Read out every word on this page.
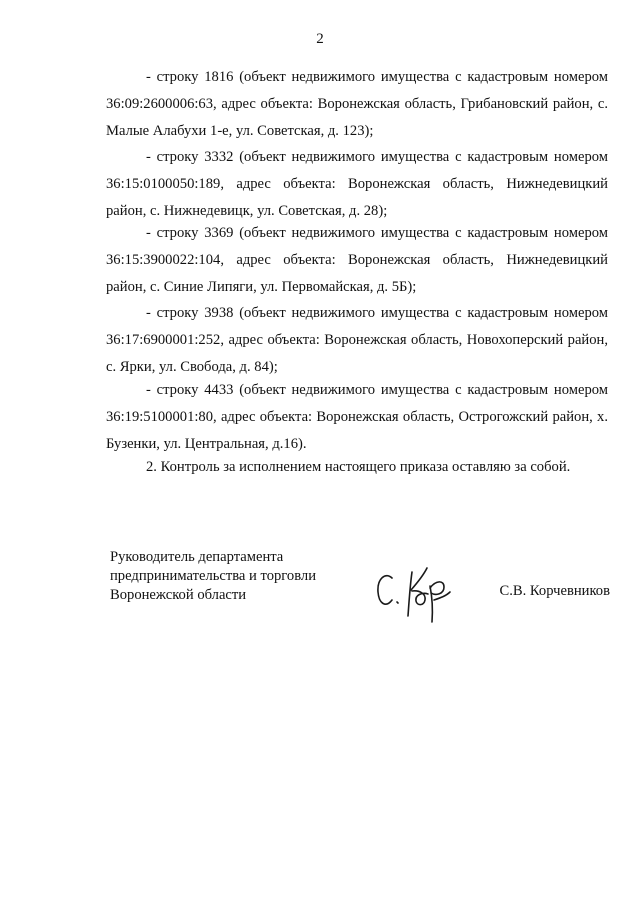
2

- строку 1816 (объект недвижимого имущества с кадастровым номером 36:09:2600006:63, адрес объекта: Воронежская область, Грибановский район, с. Малые Алабухи 1-е, ул. Советская, д. 123);

- строку 3332 (объект недвижимого имущества с кадастровым номером 36:15:0100050:189, адрес объекта: Воронежская область, Нижнедевицкий район, с. Нижнедевицк, ул. Советская, д. 28);

- строку 3369 (объект недвижимого имущества с кадастровым номером 36:15:3900022:104, адрес объекта: Воронежская область, Нижнедевицкий район, с. Синие Липяги, ул. Первомайская, д. 5Б);

- строку 3938 (объект недвижимого имущества с кадастровым номером 36:17:6900001:252, адрес объекта: Воронежская область, Новохоперский район, с. Ярки, ул. Свобода, д. 84);

- строку 4433 (объект недвижимого имущества с кадастровым номером 36:19:5100001:80, адрес объекта: Воронежская область, Острогожский район, х. Бузенки, ул. Центральная, д.16).

2. Контроль за исполнением настоящего приказа оставляю за собой.

Руководитель департамента
предпринимательства и торговли
Воронежской области	С.В. Корчевников
